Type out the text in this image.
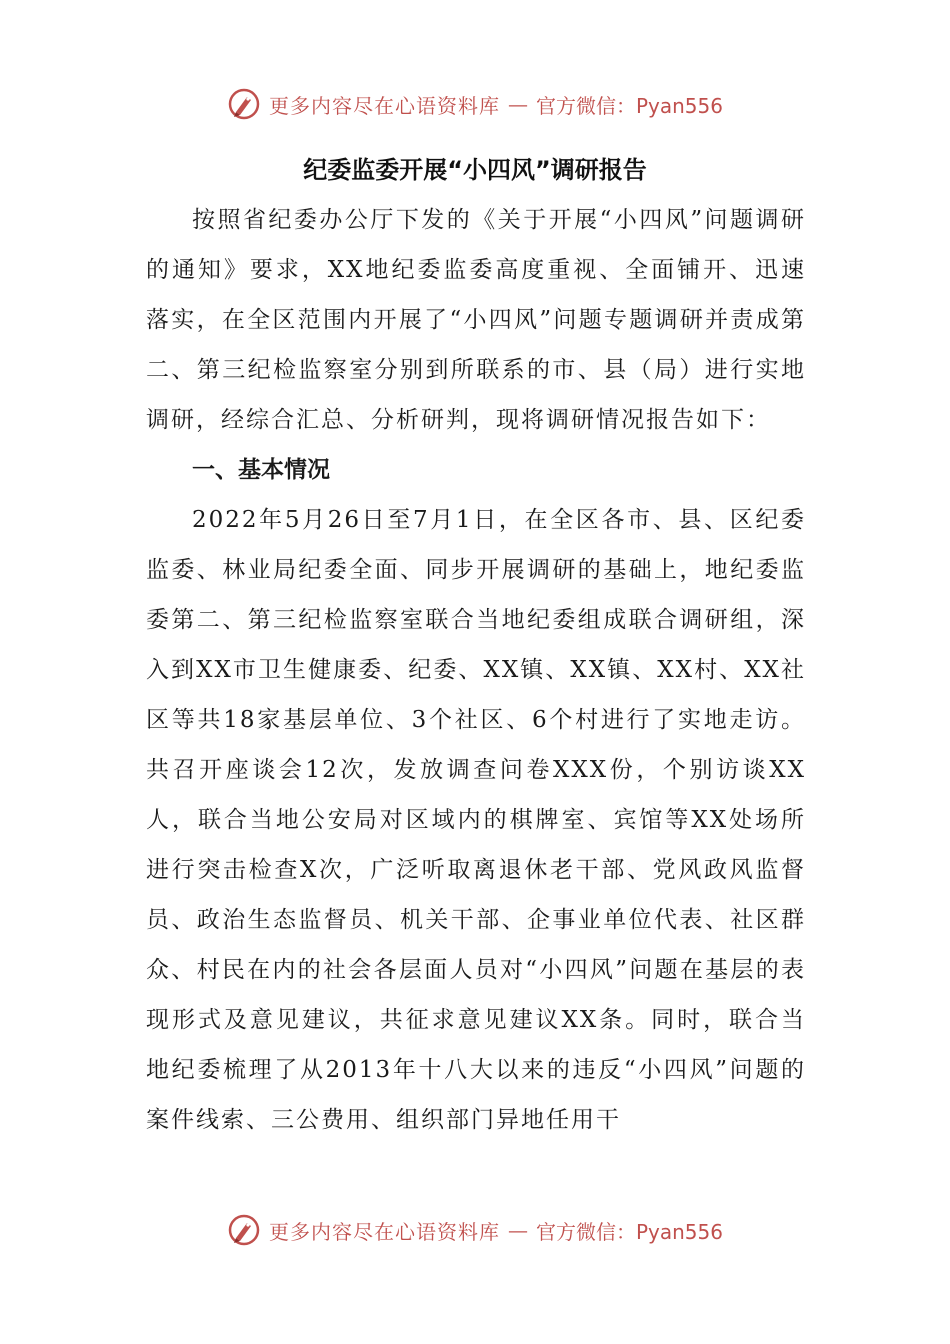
更多内容尽在心语资料库 — 官方微信：Pyan556
纪委监委开展“小四风”调研报告

按照省纪委办公厅下发的《关于开展“小四风”问题调研的通知》要求，XX地纪委监委高度重视、全面铺开、迅速落实，在全区范围内开展了“小四风”问题专题调研并责成第二、第三纪检监察室分别到所联系的市、县（局）进行实地调研，经综合汇总、分析研判，现将调研情况报告如下：

一、基本情况

2022年5月26日至7月1日，在全区各市、县、区纪委监委、林业局纪委全面、同步开展调研的基础上，地纪委监委第二、第三纪检监察室联合当地纪委组成联合调研组，深入到XX市卫生健康委、纪委、XX镇、XX镇、XX村、XX社区等共18家基层单位、3个社区、6个村进行了实地走访。共召开座谈会12次，发放调查问卷XXX份，个别访谈XX人，联合当地公安局对区域内的棋牌室、宾馆等XX处场所进行突击检查X次，广泛听取离退休老干部、党风政风监督员、政治生态监督员、机关干部、企事业单位代表、社区群众、村民在内的社会各层面人员对“小四风”问题在基层的表现形式及意见建议，共征求意见建议XX条。同时，联合当地纪委梳理了从2013年十八大以来的违反“小四风”问题的案件线索、三公费用、组织部门异地任用干

更多内容尽在心语资料库 — 官方微信：Pyan556
